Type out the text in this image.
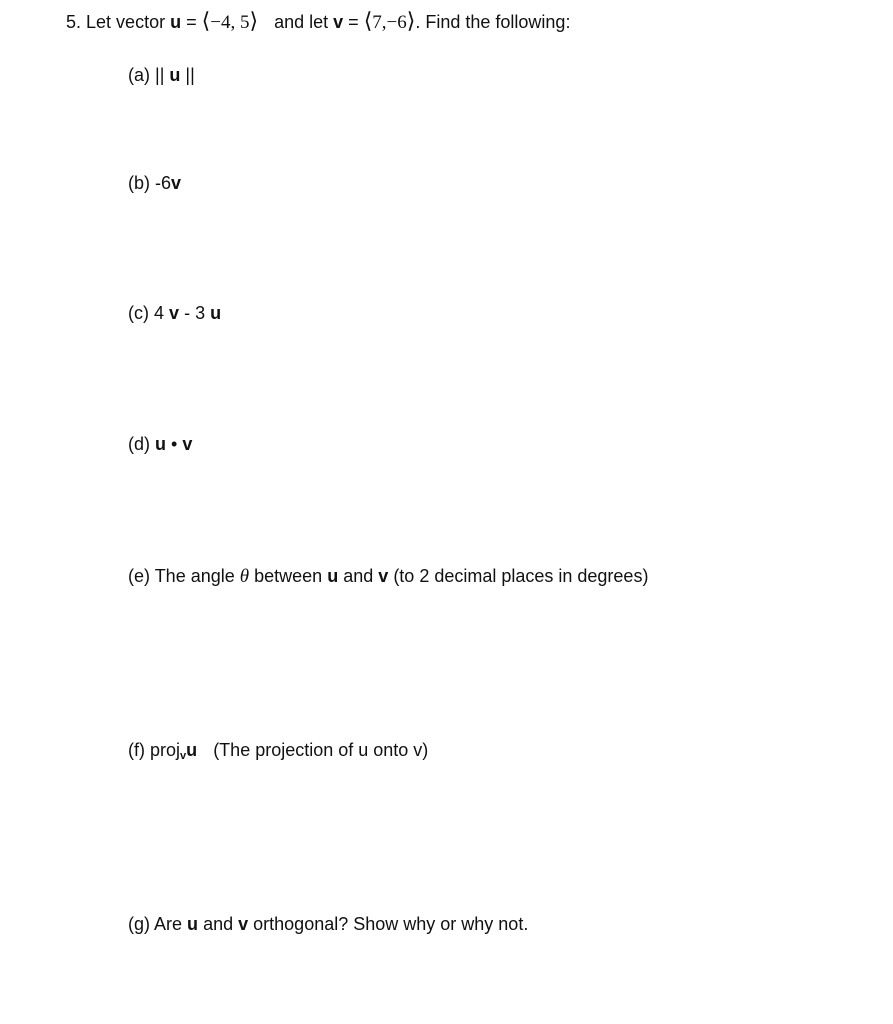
5. Let vector u = ⟨−4, 5⟩ and let v = ⟨7,−6⟩. Find the following:
(a) || u ||
(b) -6v
(c) 4 v - 3 u
(d) u • v
(e) The angle θ between u and v (to 2 decimal places in degrees)
(f) proj$_v$u (The projection of u onto v)
(g) Are u and v orthogonal? Show why or why not.
